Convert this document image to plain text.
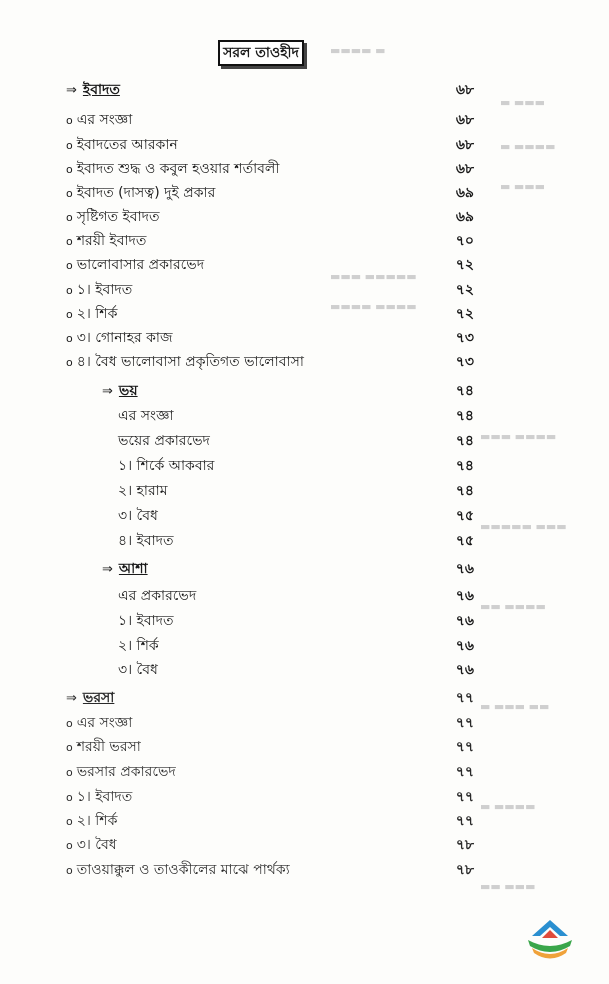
▬▬▬▬ ▬
▬ ▬▬▬
▬ ▬▬▬▬
▬ ▬▬▬
▬▬▬ ▬▬▬▬▬
▬▬▬▬ ▬▬▬▬
▬▬▬ ▬▬▬▬
▬▬▬▬▬ ▬▬▬
▬▬ ▬▬▬▬
▬ ▬▬▬ ▬▬
▬ ▬▬▬▬
▬▬ ▬▬▬
সরল তাওহীদ
⇒ ইবাদত	৬৮
o এর সংজ্ঞা	৬৮
o ইবাদতের আরকান	৬৮
o ইবাদত শুদ্ধ ও কবুল হওয়ার শর্তাবলী	৬৮
o ইবাদত (দাসত্ব) দুই প্রকার	৬৯
o সৃষ্টিগত ইবাদত	৬৯
o শরয়ী ইবাদত	৭০
o ভালোবাসার প্রকারভেদ	৭২
o ১। ইবাদত	৭২
o ২। শিৰ্ক	৭২
o ৩। গোনাহর কাজ	৭৩
o ৪। বৈধ ভালোবাসা প্রকৃতিগত ভালোবাসা	৭৩
⇒ ভয়	৭৪
এর সংজ্ঞা	৭৪
ভয়ের প্রকারভেদ	৭৪
১। শিৰ্কে আকবার	৭৪
২। হারাম	৭৪
৩। বৈধ	৭৫
৪। ইবাদত	৭৫
⇒ আশা	৭৬
এর প্রকারভেদ	৭৬
১। ইবাদত	৭৬
২। শিৰ্ক	৭৬
৩। বৈধ	৭৬
⇒ ভরসা	৭৭
o এর সংজ্ঞা	৭৭
o শরয়ী ভরসা	৭৭
o ভরসার প্রকারভেদ	৭৭
o ১। ইবাদত	৭৭
o ২। শিৰ্ক	৭৭
o ৩। বৈধ	৭৮
o তাওয়াক্কুল ও তাওকীলের মাঝে পার্থক্য	৭৮
